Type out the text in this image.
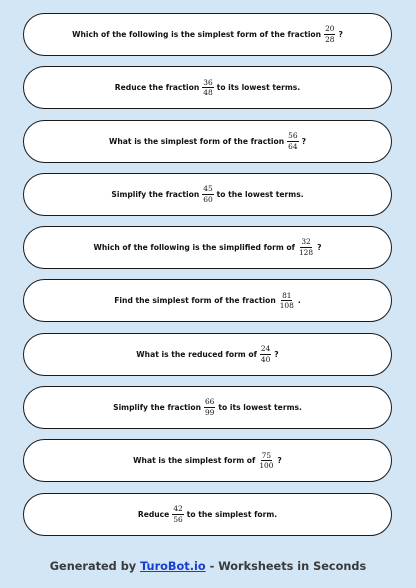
Which of the following is the simplest form of the fraction $\frac{20}{28}$ ?
Reduce the fraction $\frac{36}{48}$ to its lowest terms.
What is the simplest form of the fraction $\frac{56}{64}$ ?
Simplify the fraction $\frac{45}{60}$ to the lowest terms.
Which of the following is the simplified form of $\frac{32}{128}$ ?
Find the simplest form of the fraction $\frac{81}{108}$ .
What is the reduced form of $\frac{24}{40}$ ?
Simplify the fraction $\frac{66}{99}$ to its lowest terms.
What is the simplest form of $\frac{75}{100}$ ?
Reduce $\frac{42}{56}$ to the simplest form.
Generated by TuroBot.io - Worksheets in Seconds
